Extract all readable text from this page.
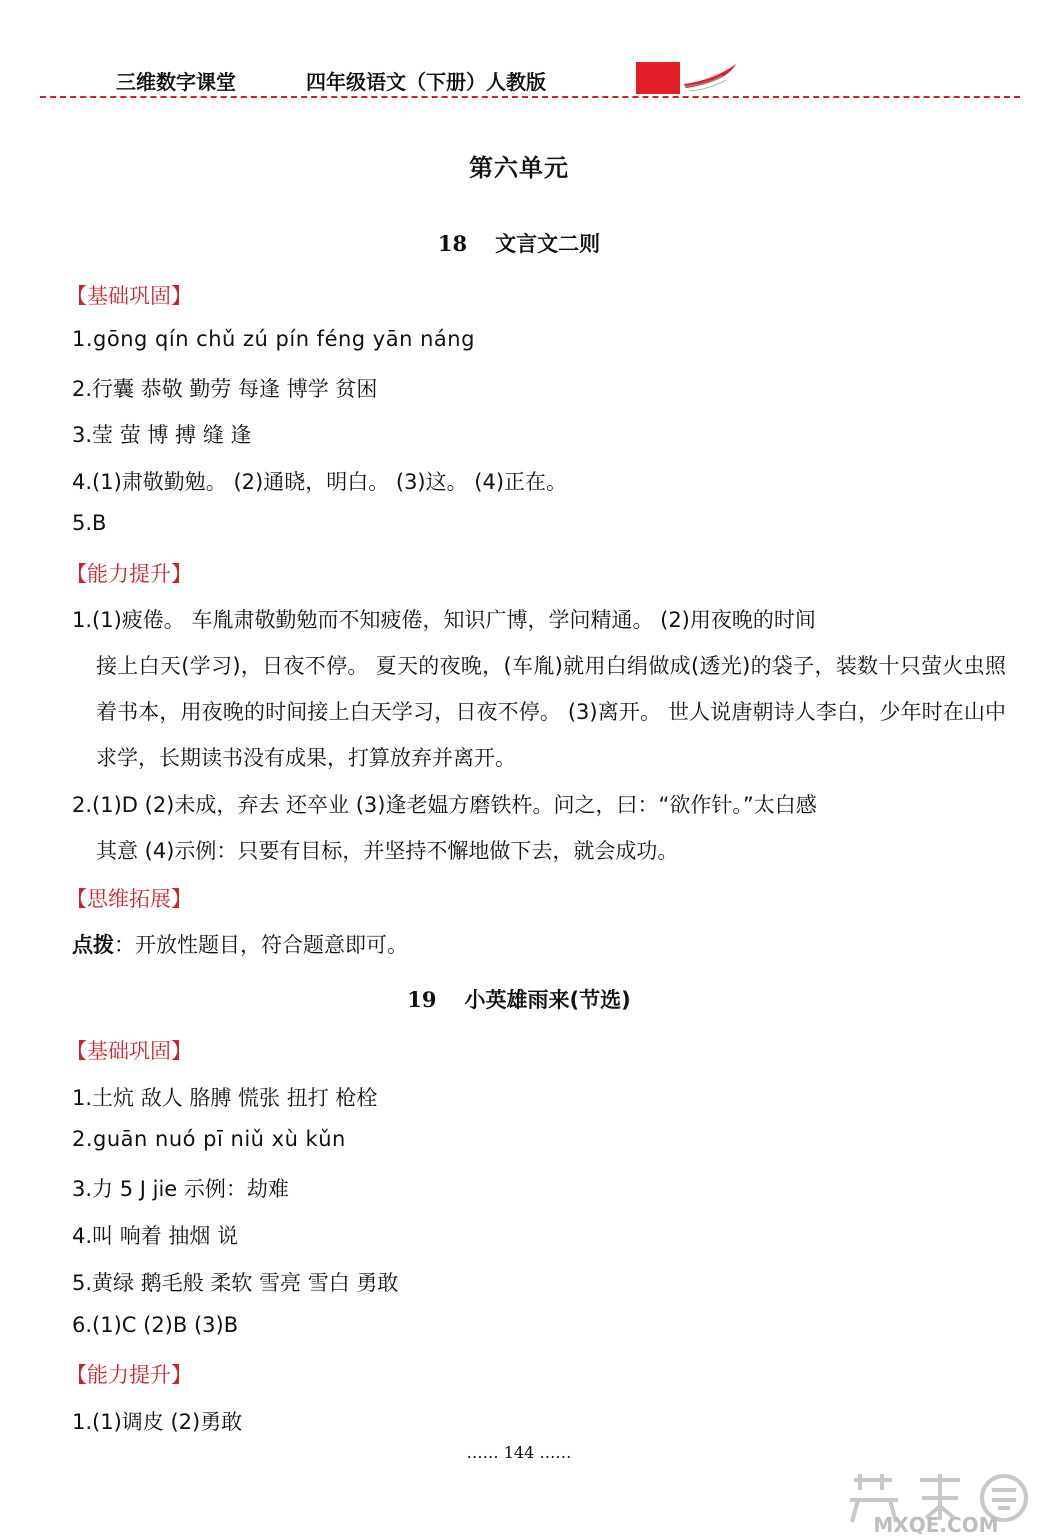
三维数字课堂	四年级语文（下册）人教版
第六单元
18 文言文二则
【基础巩固】
1.gōng qín chǔ zú pín féng yān náng
2.行囊 恭敬 勤劳 每逢 博学 贫困
3.莹 萤 博 搏 缝 逢
4.(1)肃敬勤勉。 (2)通晓，明白。 (3)这。 (4)正在。
5.B
【能力提升】
1.(1)疲倦。 车胤肃敬勤勉而不知疲倦，知识广博，学问精通。 (2)用夜晚的时间
接上白天(学习)，日夜不停。 夏天的夜晚，(车胤)就用白绢做成(透光)的袋子，装数十只萤火虫照着书本，用夜晚的时间接上白天学习，日夜不停。 (3)离开。 世人说唐朝诗人李白，少年时在山中求学，长期读书没有成果，打算放弃并离开。
2.(1)D (2)未成，弃去 还卒业 (3)逢老媪方磨铁杵。问之，曰：“欲作针。”太白感
其意 (4)示例：只要有目标，并坚持不懈地做下去，就会成功。
【思维拓展】
点拨：开放性题目，符合题意即可。
19 小英雄雨来(节选)
【基础巩固】
1.土炕 敌人 胳膊 慌张 扭打 枪栓
2.guān nuó pī niǔ xù kǔn
3.力 5 J jie 示例：劫难
4.叫 响着 抽烟 说
5.黄绿 鹅毛般 柔软 雪亮 雪白 勇敢
6.(1)C (2)B (3)B
【能力提升】
1.(1)调皮 (2)勇敢
…… 144 ……
MXQE.COM
